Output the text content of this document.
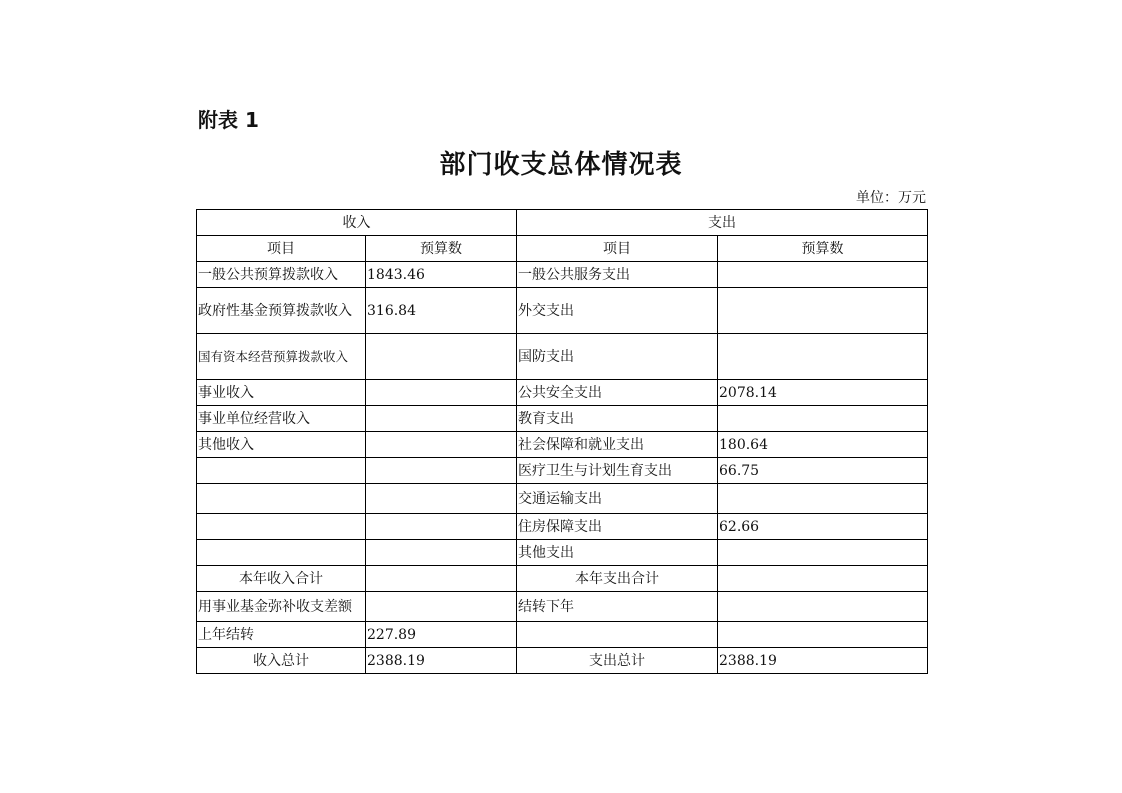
附表 1
部门收支总体情况表
单位：万元
收入		支出	
项目	预算数	项目	预算数
一般公共预算拨款收入	1843.46	一般公共服务支出	
政府性基金预算拨款收入	316.84	外交支出	
国有资本经营预算拨款收入		国防支出	
事业收入		公共安全支出	2078.14
事业单位经营收入		教育支出	
其他收入		社会保障和就业支出	180.64
		医疗卫生与计划生育支出	66.75
		交通运输支出	
		住房保障支出	62.66
		其他支出	
本年收入合计		本年支出合计	
用事业基金弥补收支差额		结转下年	
上年结转	227.89		
收入总计	2388.19	支出总计	2388.19
